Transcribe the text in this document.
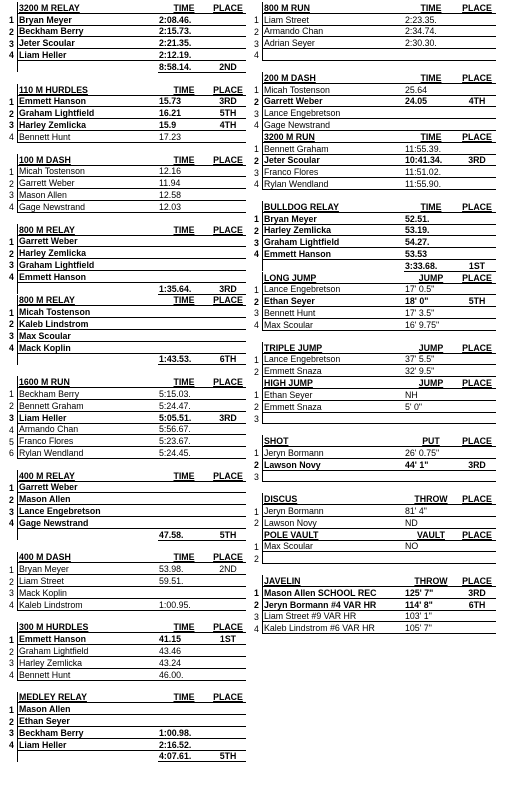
	3200 M RELAY	TIME	PLACE
1	Bryan Meyer	2:08.46.	
2	Beckham Berry	2:15.73.	
3	Jeter Scoular	2:21.35.	
4	Liam Heller	2:12.19.	
		8:58.14.	2ND
	110 M HURDLES	TIME	PLACE
1	Emmett Hanson	15.73	3RD
2	Graham Lightfield	16.21	5TH
3	Harley Zemlicka	15.9	4TH
4	Bennett Hunt	17.23	
	100 M DASH	TIME	PLACE
1	Micah Tostenson	12.16	
2	Garrett Weber	11.94	
3	Mason Allen	12.58	
4	Gage Newstrand	12.03	
	800 M RELAY	TIME	PLACE
1	Garrett Weber		
2	Harley Zemlicka		
3	Graham Lightfield		
4	Emmett Hanson		
		1:35.64.	3RD
	800 M RELAY	TIME	PLACE
1	Micah Tostenson		
2	Kaleb Lindstrom		
3	Max Scoular		
4	Mack Koplin		
		1:43.53.	6TH
	1600 M RUN	TIME	PLACE
1	Beckham Berry	5:15.03.	
2	Bennett Graham	5:24.47.	
3	Liam Heller	5:05.51.	3RD
4	Armando Chan	5:56.67.	
5	Franco Flores	5:23.67.	
6	Rylan Wendland	5:24.45.	
	400 M RELAY	TIME	PLACE
1	Garrett Weber		
2	Mason Allen		
3	Lance Engebretson		
4	Gage Newstrand		
		47.58.	5TH
	400 M DASH	TIME	PLACE
1	Bryan Meyer	53.98.	2ND
2	Liam Street	59.51.	
3	Mack Koplin		
4	Kaleb Lindstrom	1:00.95.	
	300 M HURDLES	TIME	PLACE
1	Emmett Hanson	41.15	1ST
2	Graham Lightfield	43.46	
3	Harley Zemlicka	43.24	
4	Bennett Hunt	46.00.	
	MEDLEY RELAY	TIME	PLACE
1	Mason Allen		
2	Ethan Seyer		
3	Beckham Berry	1:00.98.	
4	Liam Heller	2:16.52.	
		4:07.61.	5TH
	800 M RUN	TIME	PLACE
1	Liam Street	2:23.35.	
2	Armando Chan	2:34.74.	
3	Adrian Seyer	2:30.30.	
4			
	200 M DASH	TIME	PLACE
1	Micah Tostenson	25.64	
2	Garrett Weber	24.05	4TH
3	Lance Engebretson		
4	Gage Newstrand		
	3200 M RUN	TIME	PLACE
1	Bennett Graham	11:55.39.	
2	Jeter Scoular	10:41.34.	3RD
3	Franco Flores	11:51.02.	
4	Rylan Wendland	11:55.90.	
	BULLDOG RELAY	TIME	PLACE
1	Bryan Meyer	52.51.	
2	Harley Zemlicka	53.19.	
3	Graham Lightfield	54.27.	
4	Emmett Hanson	53.53	
		3:33.68.	1ST
	LONG JUMP	JUMP	PLACE
1	Lance Engebretson	17' 0.5"	
2	Ethan Seyer	18' 0"	5TH
3	Bennett Hunt	17' 3.5"	
4	Max Scoular	16' 9.75"	
	TRIPLE JUMP	JUMP	PLACE
1	Lance Engebretson	37' 5.5"	
2	Emmett Snaza	32' 9.5"	
	HIGH JUMP	JUMP	PLACE
1	Ethan Seyer	NH	
2	Emmett Snaza	5' 0"	
3			
	SHOT	PUT	PLACE
1	Jeryn Bormann	26' 0.75"	
2	Lawson Novy	44' 1"	3RD
3			
	DISCUS	THROW	PLACE
1	Jeryn Bormann	81' 4"	
2	Lawson Novy	ND	
	POLE VAULT	VAULT	PLACE
1	Max Scoular	NO	
2			
	JAVELIN	THROW	PLACE
1	Mason Allen SCHOOL REC	125' 7"	3RD
2	Jeryn Bormann #4 VAR HR	114' 8"	6TH
3	Liam Street #9 VAR HR	103' 1"	
4	Kaleb Lindstrom #6 VAR HR	105' 7"	
